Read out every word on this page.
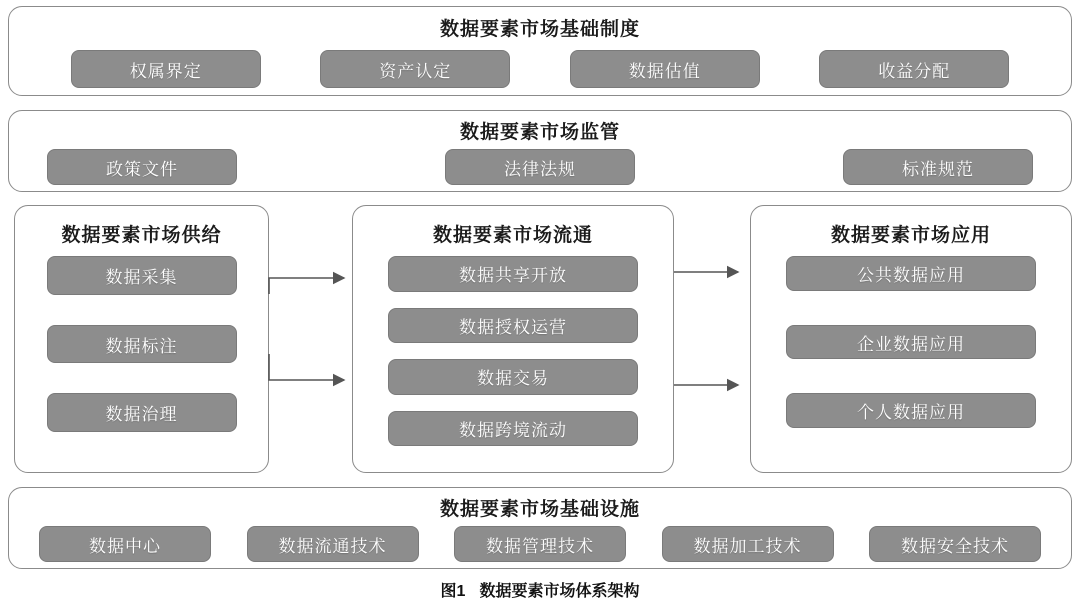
数据要素市场基础制度
权属界定	资产认定	数据估值	收益分配
数据要素市场监管
政策文件	法律法规	标准规范
数据要素市场供给
数据采集
数据标注
数据治理
数据要素市场流通
数据共享开放
数据授权运营
数据交易
数据跨境流动
数据要素市场应用
公共数据应用
企业数据应用
个人数据应用
数据要素市场基础设施
数据中心	数据流通技术	数据管理技术	数据加工技术	数据安全技术
图1 数据要素市场体系架构
